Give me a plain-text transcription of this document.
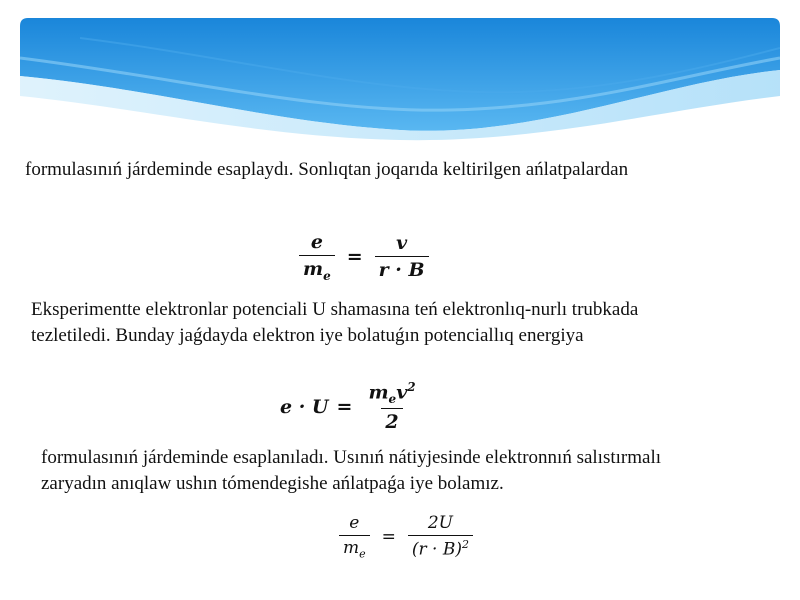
formulasınıń járdeminde esaplaydı. Sonlıqtan joqarıda keltirilgen ańlatpalardan

$\frac{e}{m_e} = \frac{v}{r \cdot B}$

Eksperimentte elektronlar potenciali U shamasına teń elektronlıq-nurlı trubkada
tezletiledi. Bunday jaǵdayda elektron iye bolatuǵın potenciallıq energiya

$e \cdot U = \frac{m_ev^2}{2}$

formulasınıń járdeminde esaplanıladı. Usınıń nátiyjesinde elektronnıń salıstırmalı
zaryadın anıqlaw ushın tómendegishe ańlatpaǵa iye bolamız.

$\frac{e}{m_e} = \frac{2U}{(r \cdot B)^2}$
